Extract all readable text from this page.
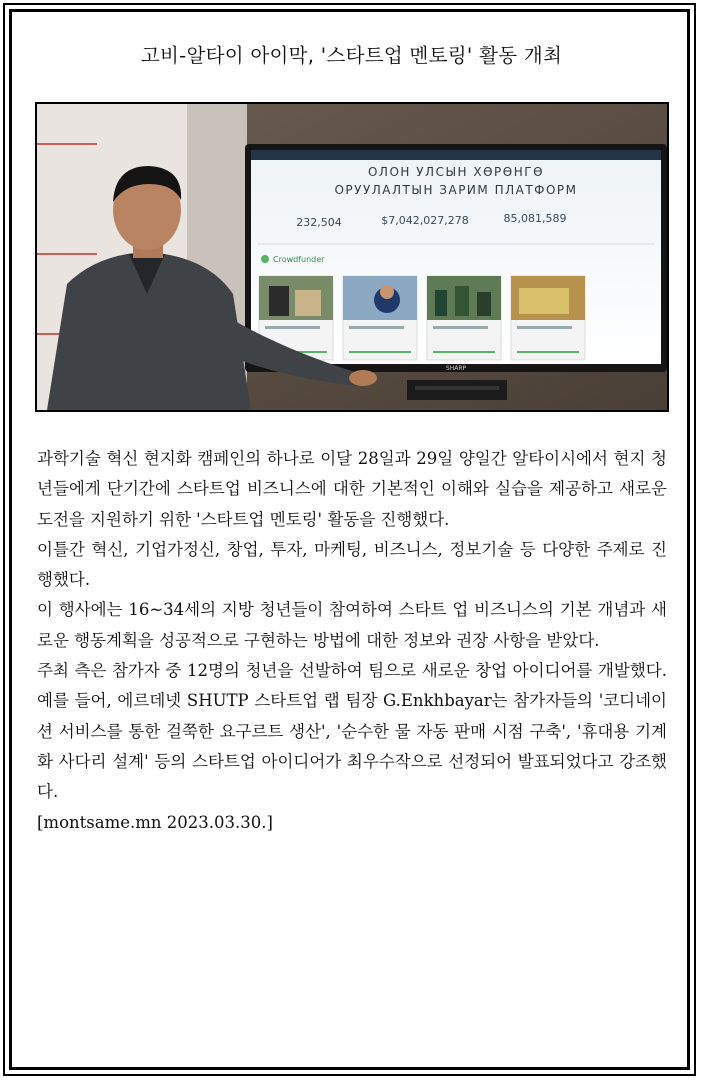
고비-알타이 아이막, '스타트업 멘토링' 활동 개최
ОЛОН УЛСЫН ХӨРӨНГӨ
ОРУУЛАЛТЫН ЗАРИМ ПЛАТФОРМ
232,504	$7,042,027,278	85,081,589
Crowdfunder
SHARP

과학기술 혁신 현지화 캠페인의 하나로 이달 28일과 29일 양일간 알타이시에서 현지 청년들에게 단기간에 스타트업 비즈니스에 대한 기본적인 이해와 실습을 제공하고 새로운 도전을 지원하기 위한 '스타트업 멘토링' 활동을 진행했다.

이틀간 혁신, 기업가정신, 창업, 투자, 마케팅, 비즈니스, 정보기술 등 다양한 주제로 진행했다.

이 행사에는 16~34세의 지방 청년들이 참여하여 스타트 업 비즈니스의 기본 개념과 새로운 행동계획을 성공적으로 구현하는 방법에 대한 정보와 권장 사항을 받았다.

주최 측은 참가자 중 12명의 청년을 선발하여 팀으로 새로운 창업 아이디어를 개발했다. 예를 들어, 에르데넷 SHUTP 스타트업 랩 팀장 G.Enkhbayar는 참가자들의 '코디네이션 서비스를 통한 걸쭉한 요구르트 생산', '순수한 물 자동 판매 시점 구축', '휴대용 기계화 사다리 설계' 등의 스타트업 아이디어가 최우수작으로 선정되어 발표되었다고 강조했다.

[montsame.mn 2023.03.30.]
